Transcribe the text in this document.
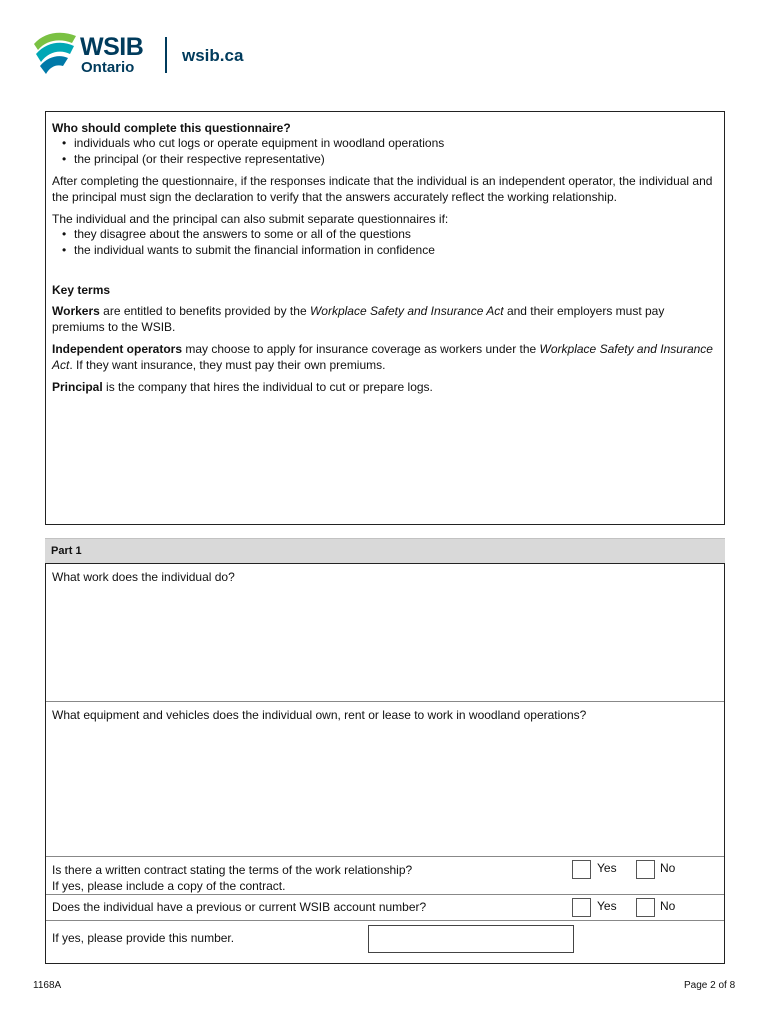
WSIB
Ontario
wsib.ca

Who should complete this questionnaire?

• individuals who cut logs or operate equipment in woodland operations
• the principal (or their respective representative)

After completing the questionnaire, if the responses indicate that the individual is an independent operator, the individual and the principal must sign the declaration to verify that the answers accurately reflect the working relationship.

The individual and the principal can also submit separate questionnaires if:

• they disagree about the answers to some or all of the questions
• the individual wants to submit the financial information in confidence

Key terms

Workers are entitled to benefits provided by the Workplace Safety and Insurance Act and their employers must pay premiums to the WSIB.

Independent operators may choose to apply for insurance coverage as workers under the Workplace Safety and Insurance Act. If they want insurance, they must pay their own premiums.

Principal is the company that hires the individual to cut or prepare logs.

Part 1
What work does the individual do?
What equipment and vehicles does the individual own, rent or lease to work in woodland operations?
Is there a written contract stating the terms of the work relationship?
If yes, please include a copy of the contract.
Yes	No
Does the individual have a previous or current WSIB account number?	Yes	No
If yes, please provide this number.
1168A	Page 2 of 8
